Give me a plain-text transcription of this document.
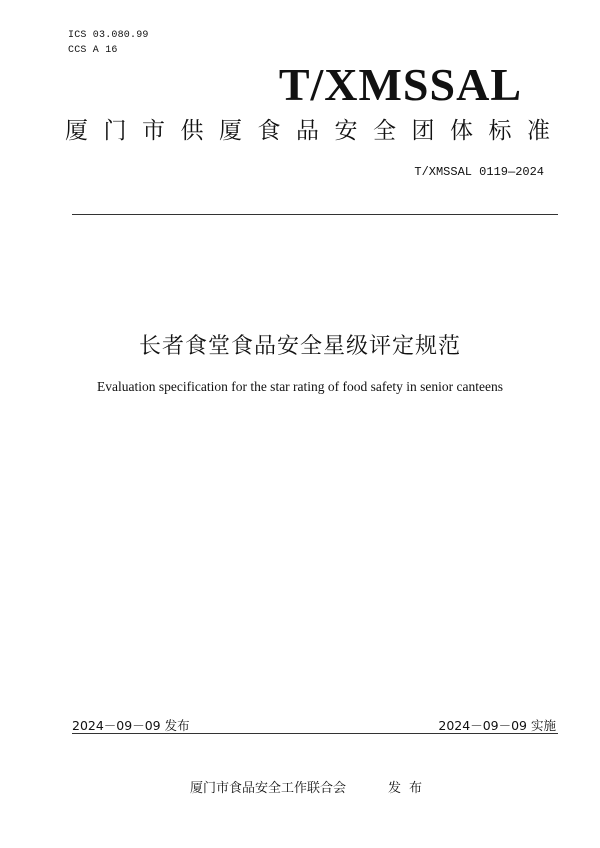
ICS 03.080.99
CCS A 16
T/XMSSAL
厦门市供厦食品安全团体标准
T/XMSSAL 0119—2024
长者食堂食品安全星级评定规范
Evaluation specification for the star rating of food safety in senior canteens
2024－09－09 发布	2024－09－09 实施
厦门市食品安全工作联合会	发布
